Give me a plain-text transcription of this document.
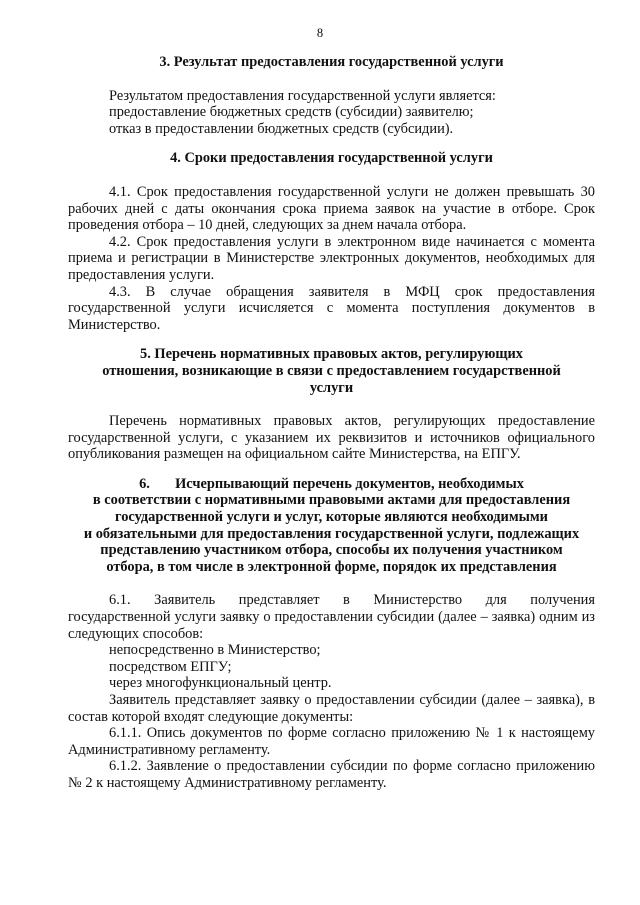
8
3. Результат предоставления государственной услуги
Результатом предоставления государственной услуги является:
предоставление бюджетных средств (субсидии) заявителю;
отказ в предоставлении бюджетных средств (субсидии).
4. Сроки предоставления государственной услуги

4.1. Срок предоставления государственной услуги не должен превышать 30 рабочих дней с даты окончания срока приема заявок на участие в отборе. Срок проведения отбора – 10 дней, следующих за днем начала отбора.

4.2. Срок предоставления услуги в электронном виде начинается с момента приема и регистрации в Министерстве электронных документов, необходимых для предоставления услуги.

4.3. В случае обращения заявителя в МФЦ срок предоставления государственной услуги исчисляется с момента поступления документов в Министерство.

5. Перечень нормативных правовых актов, регулирующих
отношения, возникающие в связи с предоставлением государственной
услуги

Перечень нормативных правовых актов, регулирующих предоставление государственной услуги, с указанием их реквизитов и источников официального опубликования размещен на официальном сайте Министерства, на ЕПГУ.

6.       Исчерпывающий перечень документов, необходимых
в соответствии с нормативными правовыми актами для предоставления
государственной услуги и услуг, которые являются необходимыми
и обязательными для предоставления государственной услуги, подлежащих
представлению участником отбора, способы их получения участником
отбора, в том числе в электронной форме, порядок их представления
6.1. Заявитель представляет в Министерство для получения

государственной услуги заявку о предоставлении субсидии (далее – заявка) одним из следующих способов:

непосредственно в Министерство;
посредством ЕПГУ;
через многофункциональный центр.

Заявитель представляет заявку о предоставлении субсидии (далее – заявка), в состав которой входят следующие документы:

6.1.1. Опись документов по форме согласно приложению № 1 к настоящему Административному регламенту.

6.1.2. Заявление о предоставлении субсидии по форме согласно приложению № 2 к настоящему Административному регламенту.
